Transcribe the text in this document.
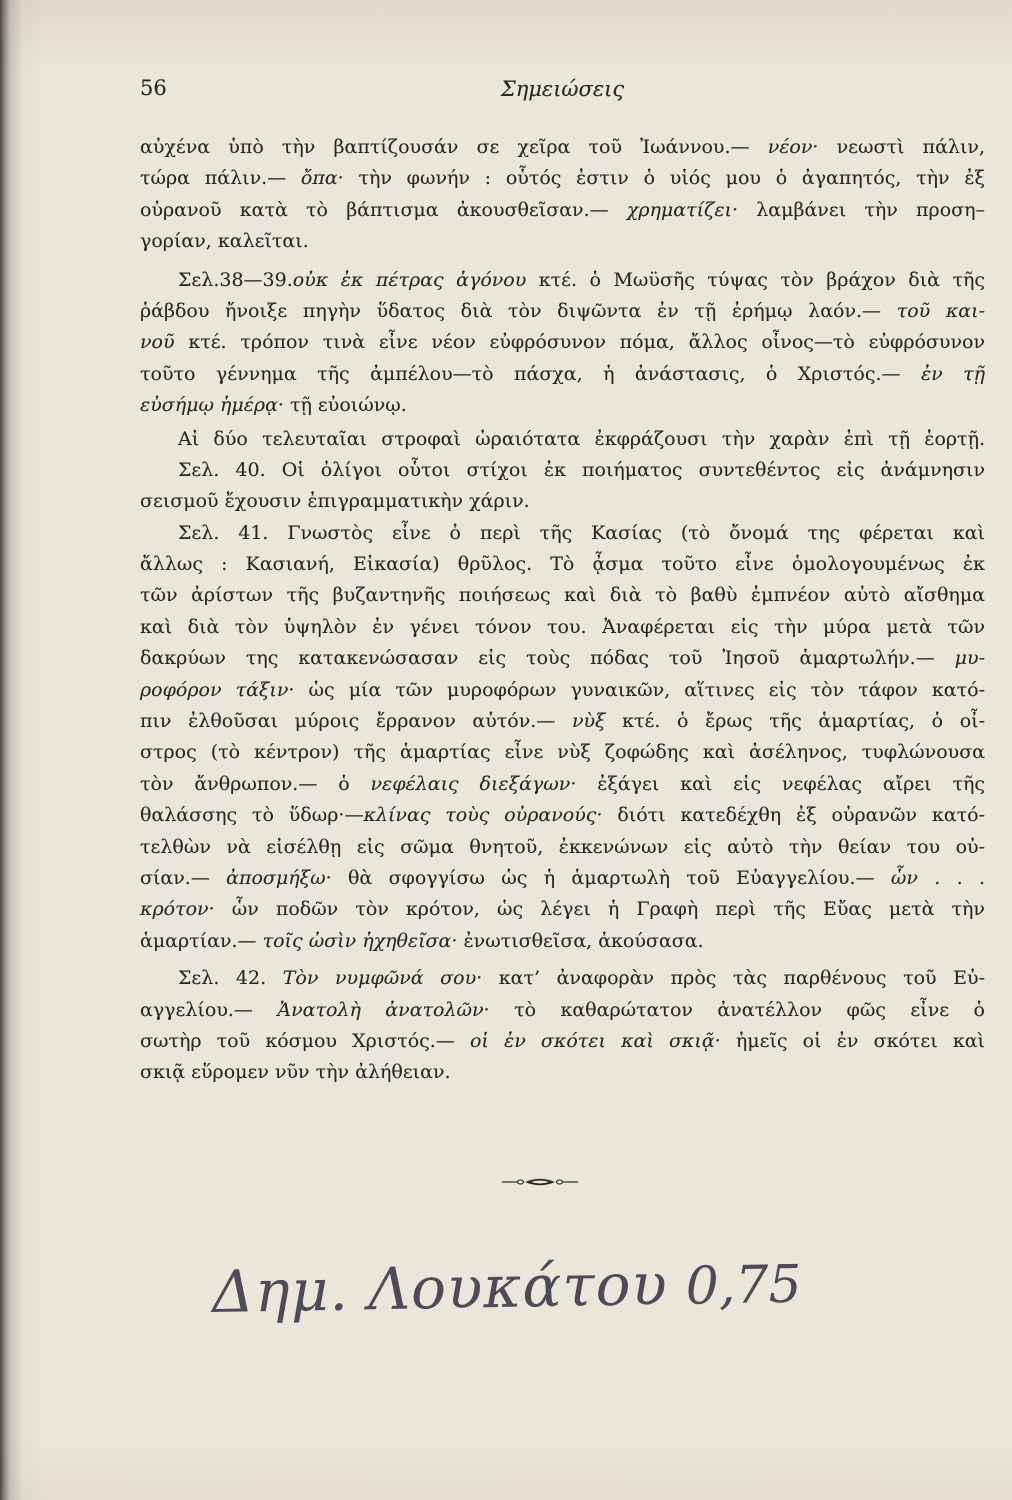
56	Σημειώσεις
αὐχένα ὑπὸ τὴν βαπτίζουσάν σε χεῖρα τοῦ Ἰωάννου.— νέον· νεωστὶ πάλιν,
τώρα πάλιν.— ὄπα· τὴν φωνήν : οὗτός ἐστιν ὁ υἱός μου ὁ ἀγαπητός, τὴν ἐξ
οὐρανοῦ κατὰ τὸ βάπτισμα ἀκουσθεῖσαν.— χρηματίζει· λαμβάνει τὴν προση–
γορίαν, καλεῖται.
Σελ.38—39.οὐκ ἐκ πέτρας ἀγόνου κτέ. ὁ Μωϋσῆς τύψας τὸν βράχον διὰ τῆς
ῥάβδου ἤνοιξε πηγὴν ὕδατος διὰ τὸν διψῶντα ἐν τῇ ἐρήμῳ λαόν.— τοῦ και-
νοῦ κτέ. τρόπον τινὰ εἶνε νέον εὐφρόσυνον πόμα, ἄλλος οἶνος—τὸ εὐφρόσυνον
τοῦτο γέννημα τῆς ἀμπέλου—τὸ πάσχα, ἡ ἀνάστασις, ὁ Χριστός.— ἐν τῇ
εὐσήμῳ ἡμέρᾳ· τῇ εὐοιώνῳ.
Αἱ δύο τελευταῖαι στροφαὶ ὡραιότατα ἐκφράζουσι τὴν χαρὰν ἐπὶ τῇ ἑορτῇ.
Σελ. 40. Οἱ ὀλίγοι οὗτοι στίχοι ἐκ ποιήματος συντεθέντος εἰς ἀνάμνησιν
σεισμοῦ ἔχουσιν ἐπιγραμματικὴν χάριν.
Σελ. 41. Γνωστὸς εἶνε ὁ περὶ τῆς Κασίας (τὸ ὄνομά της φέρεται καὶ
ἄλλως : Κασιανή, Εἰκασία) θρῦλος. Τὸ ᾆσμα τοῦτο εἶνε ὁμολογουμένως ἐκ
τῶν ἀρίστων τῆς βυζαντηνῆς ποιήσεως καὶ διὰ τὸ βαθὺ ἐμπνέον αὐτὸ αἴσθημα
καὶ διὰ τὸν ὑψηλὸν ἐν γένει τόνον του. Ἀναφέρεται εἰς τὴν μύρα μετὰ τῶν
δακρύων της κατακενώσασαν εἰς τοὺς πόδας τοῦ Ἰησοῦ ἁμαρτωλήν.— μυ-
ροφόρον τάξιν· ὡς μία τῶν μυροφόρων γυναικῶν, αἵτινες εἰς τὸν τάφον κατό-
πιν ἐλθοῦσαι μύροις ἔρρανον αὐτόν.— νὺξ κτέ. ὁ ἔρως τῆς ἁμαρτίας, ὁ οἶ-
στρος (τὸ κέντρον) τῆς ἁμαρτίας εἶνε νὺξ ζοφώδης καὶ ἀσέληνος, τυφλώνουσα
τὸν ἄνθρωπον.— ὁ νεφέλαις διεξάγων· ἐξάγει καὶ εἰς νεφέλας αἴρει τῆς
θαλάσσης τὸ ὕδωρ·—κλίνας τοὺς οὐρανούς· διότι κατεδέχθη ἐξ οὐρανῶν κατό-
τελθὼν νὰ εἰσέλθῃ εἰς σῶμα θνητοῦ, ἐκκενώνων εἰς αὐτὸ τὴν θείαν του οὐ-
σίαν.— ἀποσμήξω· θὰ σφογγίσω ὡς ἡ ἁμαρτωλὴ τοῦ Εὐαγγελίου.— ὧν . . .
κρότον· ὧν ποδῶν τὸν κρότον, ὡς λέγει ἡ Γραφὴ περὶ τῆς Εὔας μετὰ τὴν
ἁμαρτίαν.— τοῖς ὠσὶν ἠχηθεῖσα· ἐνωτισθεῖσα, ἀκούσασα.
Σελ. 42. Τὸν νυμφῶνά σου· κατ’ ἀναφορὰν πρὸς τὰς παρθένους τοῦ Εὐ-
αγγελίου.— Ἀνατολὴ ἀνατολῶν· τὸ καθαρώτατον ἀνατέλλον φῶς εἶνε ὁ
σωτὴρ τοῦ κόσμου Χριστός.— οἱ ἐν σκότει καὶ σκιᾷ· ἡμεῖς οἱ ἐν σκότει καὶ
σκιᾷ εὕρομεν νῦν τὴν ἀλήθειαν.
Δημ. Λουκάτου 0,75
